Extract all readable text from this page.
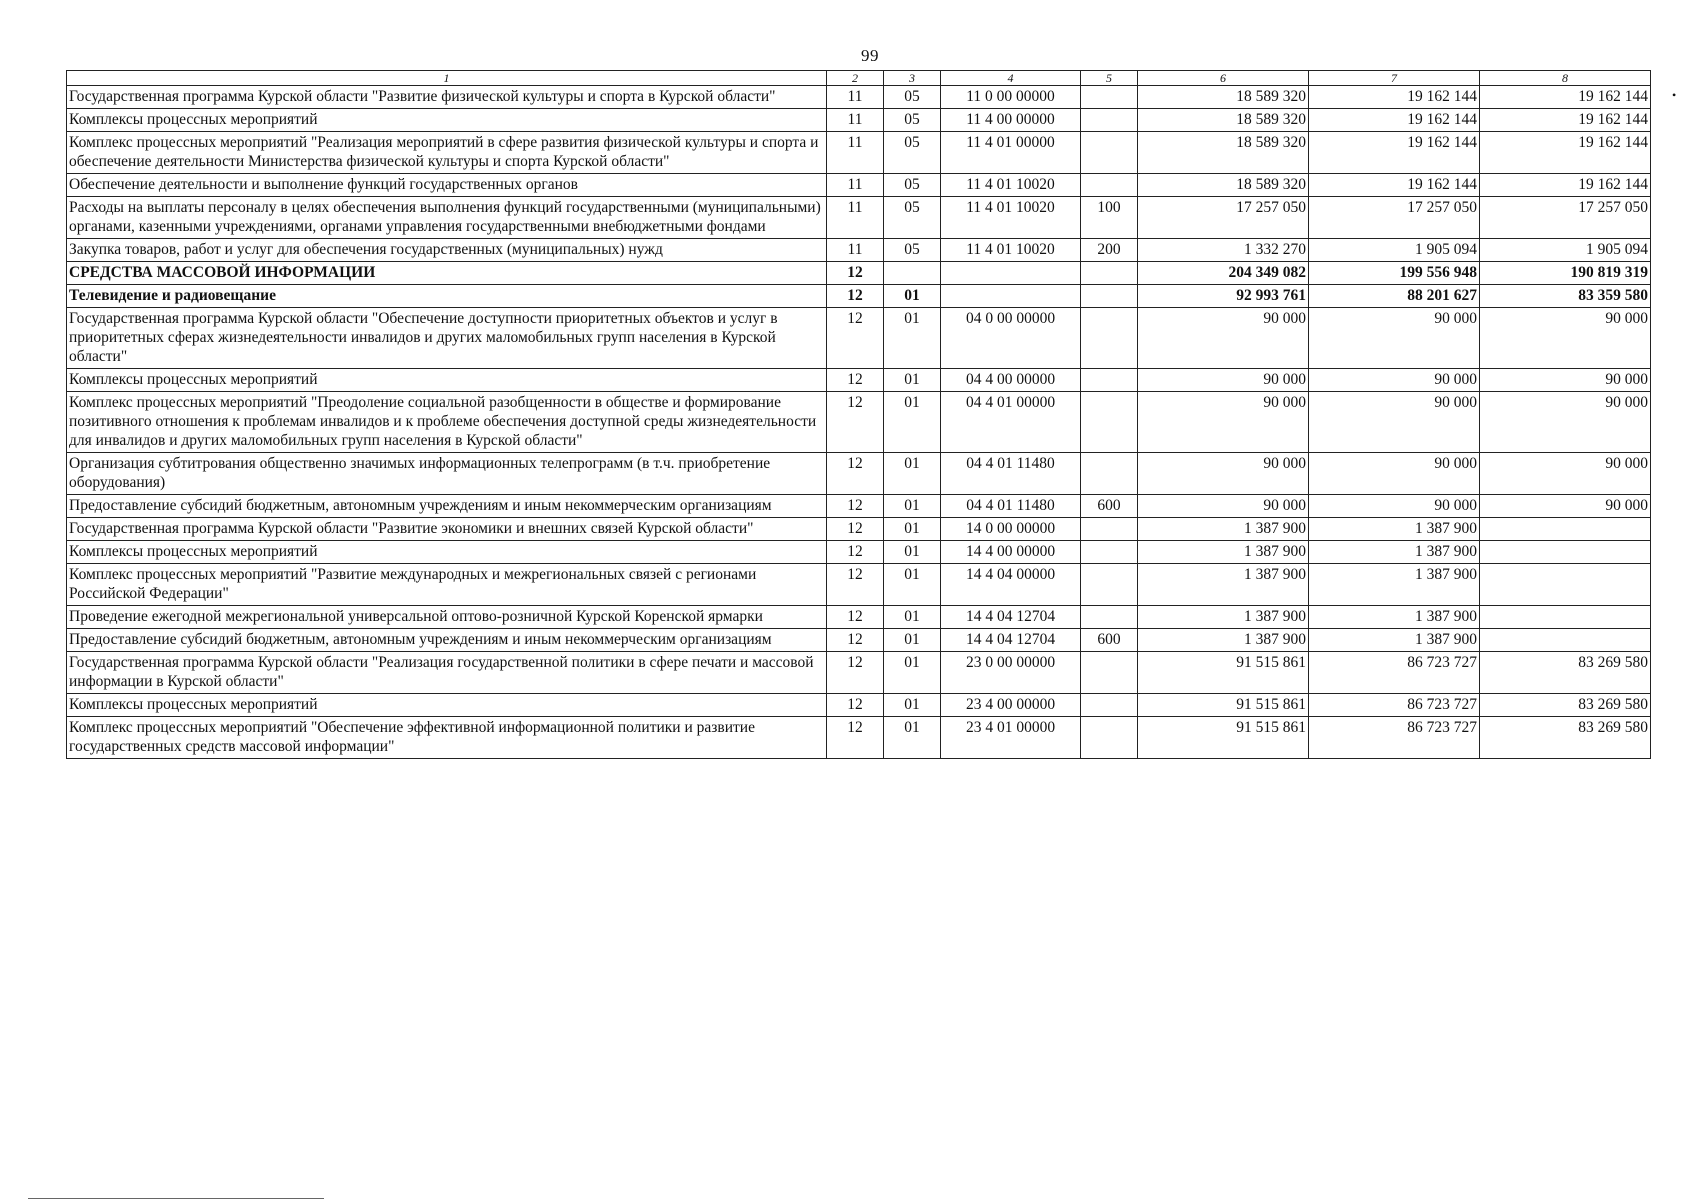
99
•
1	2	3	4	5	6	7	8
Государственная программа Курской области "Развитие физической культуры и спорта в Курской области"	11	05	11 0 00 00000		18 589 320	19 162 144	19 162 144
Комплексы процессных мероприятий	11	05	11 4 00 00000		18 589 320	19 162 144	19 162 144
Комплекс процессных мероприятий "Реализация мероприятий в сфере развития физической культуры и спорта и обеспечение деятельности Министерства физической культуры и спорта Курской области"	11	05	11 4 01 00000		18 589 320	19 162 144	19 162 144
Обеспечение деятельности и выполнение функций государственных органов	11	05	11 4 01 10020		18 589 320	19 162 144	19 162 144
Расходы на выплаты персоналу в целях обеспечения выполнения функций государственными (муниципальными) органами, казенными учреждениями, органами управления государственными внебюджетными фондами	11	05	11 4 01 10020	100	17 257 050	17 257 050	17 257 050
Закупка товаров, работ и услуг для обеспечения государственных (муниципальных) нужд	11	05	11 4 01 10020	200	1 332 270	1 905 094	1 905 094
СРЕДСТВА МАССОВОЙ ИНФОРМАЦИИ	12				204 349 082	199 556 948	190 819 319
Телевидение и радиовещание	12	01			92 993 761	88 201 627	83 359 580
Государственная программа Курской области "Обеспечение доступности приоритетных объектов и услуг в приоритетных сферах жизнедеятельности инвалидов и других маломобильных групп населения в Курской области"	12	01	04 0 00 00000		90 000	90 000	90 000
Комплексы процессных мероприятий	12	01	04 4 00 00000		90 000	90 000	90 000
Комплекс процессных мероприятий "Преодоление социальной разобщенности в обществе и формирование позитивного отношения к проблемам инвалидов и к проблеме обеспечения доступной среды жизнедеятельности для инвалидов и других маломобильных групп населения в Курской области"	12	01	04 4 01 00000		90 000	90 000	90 000
Организация субтитрования общественно значимых информационных телепрограмм (в т.ч. приобретение оборудования)	12	01	04 4 01 11480		90 000	90 000	90 000
Предоставление субсидий бюджетным, автономным учреждениям и иным некоммерческим организациям	12	01	04 4 01 11480	600	90 000	90 000	90 000
Государственная программа Курской области "Развитие экономики и внешних связей Курской области"	12	01	14 0 00 00000		1 387 900	1 387 900	
Комплексы процессных мероприятий	12	01	14 4 00 00000		1 387 900	1 387 900	
Комплекс процессных мероприятий "Развитие международных и межрегиональных связей с регионами Российской Федерации"	12	01	14 4 04 00000		1 387 900	1 387 900	
Проведение ежегодной межрегиональной универсальной оптово-розничной Курской Коренской ярмарки	12	01	14 4 04 12704		1 387 900	1 387 900	
Предоставление субсидий бюджетным, автономным учреждениям и иным некоммерческим организациям	12	01	14 4 04 12704	600	1 387 900	1 387 900	
Государственная программа Курской области "Реализация государственной политики в сфере печати и массовой информации в Курской области"	12	01	23 0 00 00000		91 515 861	86 723 727	83 269 580
Комплексы процессных мероприятий	12	01	23 4 00 00000		91 515 861	86 723 727	83 269 580
Комплекс процессных мероприятий "Обеспечение эффективной информационной политики и развитие государственных средств массовой информации"	12	01	23 4 01 00000		91 515 861	86 723 727	83 269 580
